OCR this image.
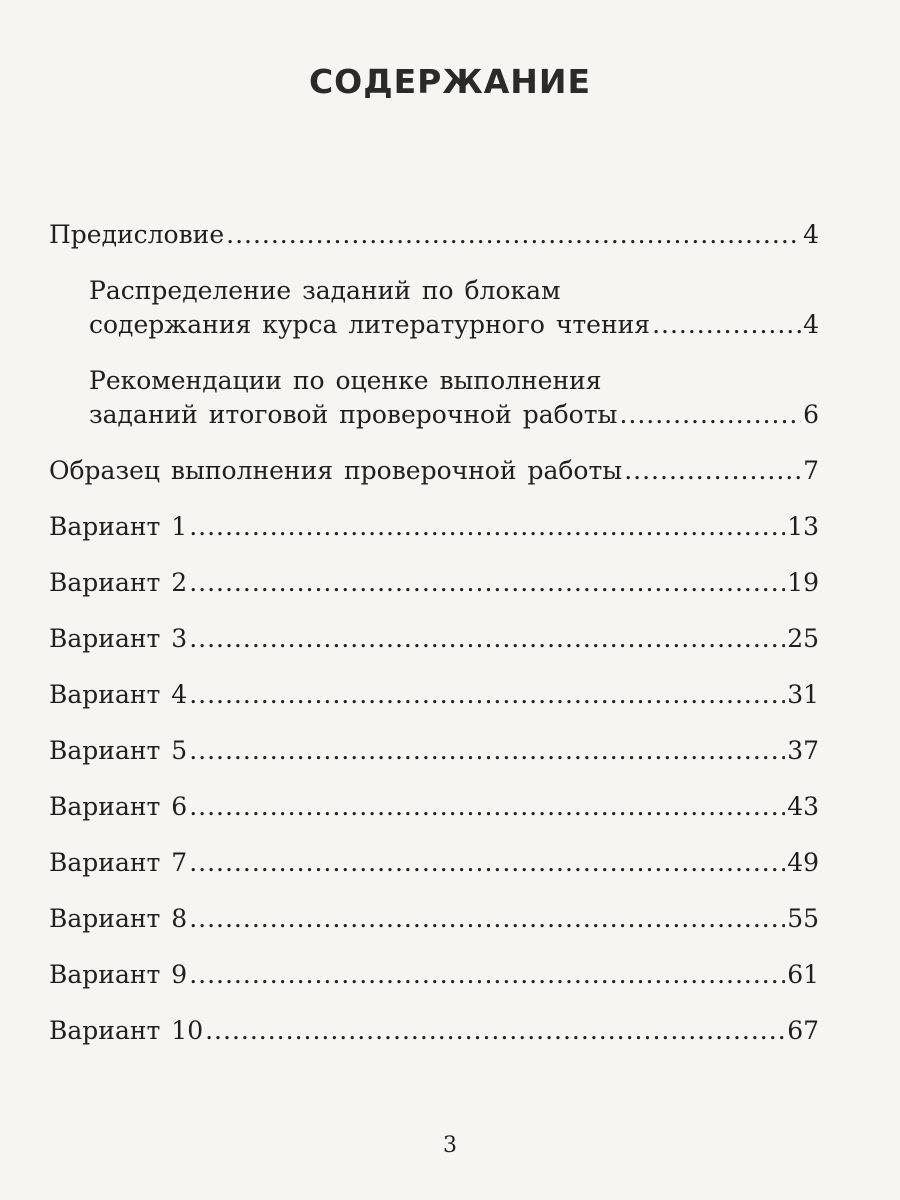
СОДЕРЖАНИЕ
Предисловие .....	4
Распределение заданий по блокам
содержания курса литературного чтения .....	4
Рекомендации по оценке выполнения
заданий итоговой проверочной работы .....	6
Образец выполнения проверочной работы .....	7
Вариант 1 .....	13
Вариант 2 .....	19
Вариант 3 .....	25
Вариант 4 .....	31
Вариант 5 .....	37
Вариант 6 .....	43
Вариант 7 .....	49
Вариант 8 .....	55
Вариант 9 .....	61
Вариант 10 .....	67
3
